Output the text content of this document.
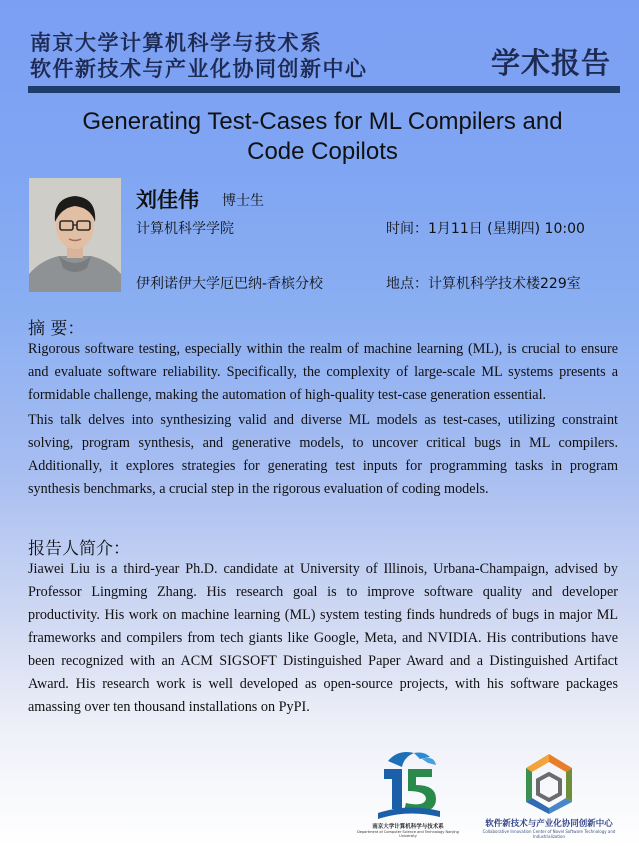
南京大学计算机科学与技术系
软件新技术与产业化协同创新中心	学术报告
Generating Test-Cases for ML Compilers and
Code Copilots
刘佳伟 博士生
计算机科学学院	时间：1月11日 (星期四) 10:00
伊利诺伊大学厄巴纳-香槟分校	地点：计算机科学技术楼229室
摘 要：

Rigorous software testing, especially within the realm of machine learning (ML), is crucial to ensure and evaluate software reliability. Specifically, the complexity of large-scale ML systems presents a formidable challenge, making the automation of high-quality test-case generation essential.

This talk delves into synthesizing valid and diverse ML models as test-cases, utilizing constraint solving, program synthesis, and generative models, to uncover critical bugs in ML compilers. Additionally, it explores strategies for generating test inputs for programming tasks in program synthesis benchmarks, a crucial step in the rigorous evaluation of coding models.

报告人简介：

Jiawei Liu is a third-year Ph.D. candidate at University of Illinois, Urbana-Champaign, advised by Professor Lingming Zhang. His research goal is to improve software quality and developer productivity. His work on machine learning (ML) system testing finds hundreds of bugs in major ML frameworks and compilers from tech giants like Google, Meta, and NVIDIA. His contributions have been recognized with an ACM SIGSOFT Distinguished Paper Award and a Distinguished Artifact Award. His research work is well developed as open-source projects, with his software packages amassing over ten thousand installations on PyPI.

南京大学计算机科学与技术系
Department of Computer Science and Technology Nanjing University
软件新技术与产业化协同创新中心
Collaborative Innovation Center of Novel Software Technology and Industrialization
